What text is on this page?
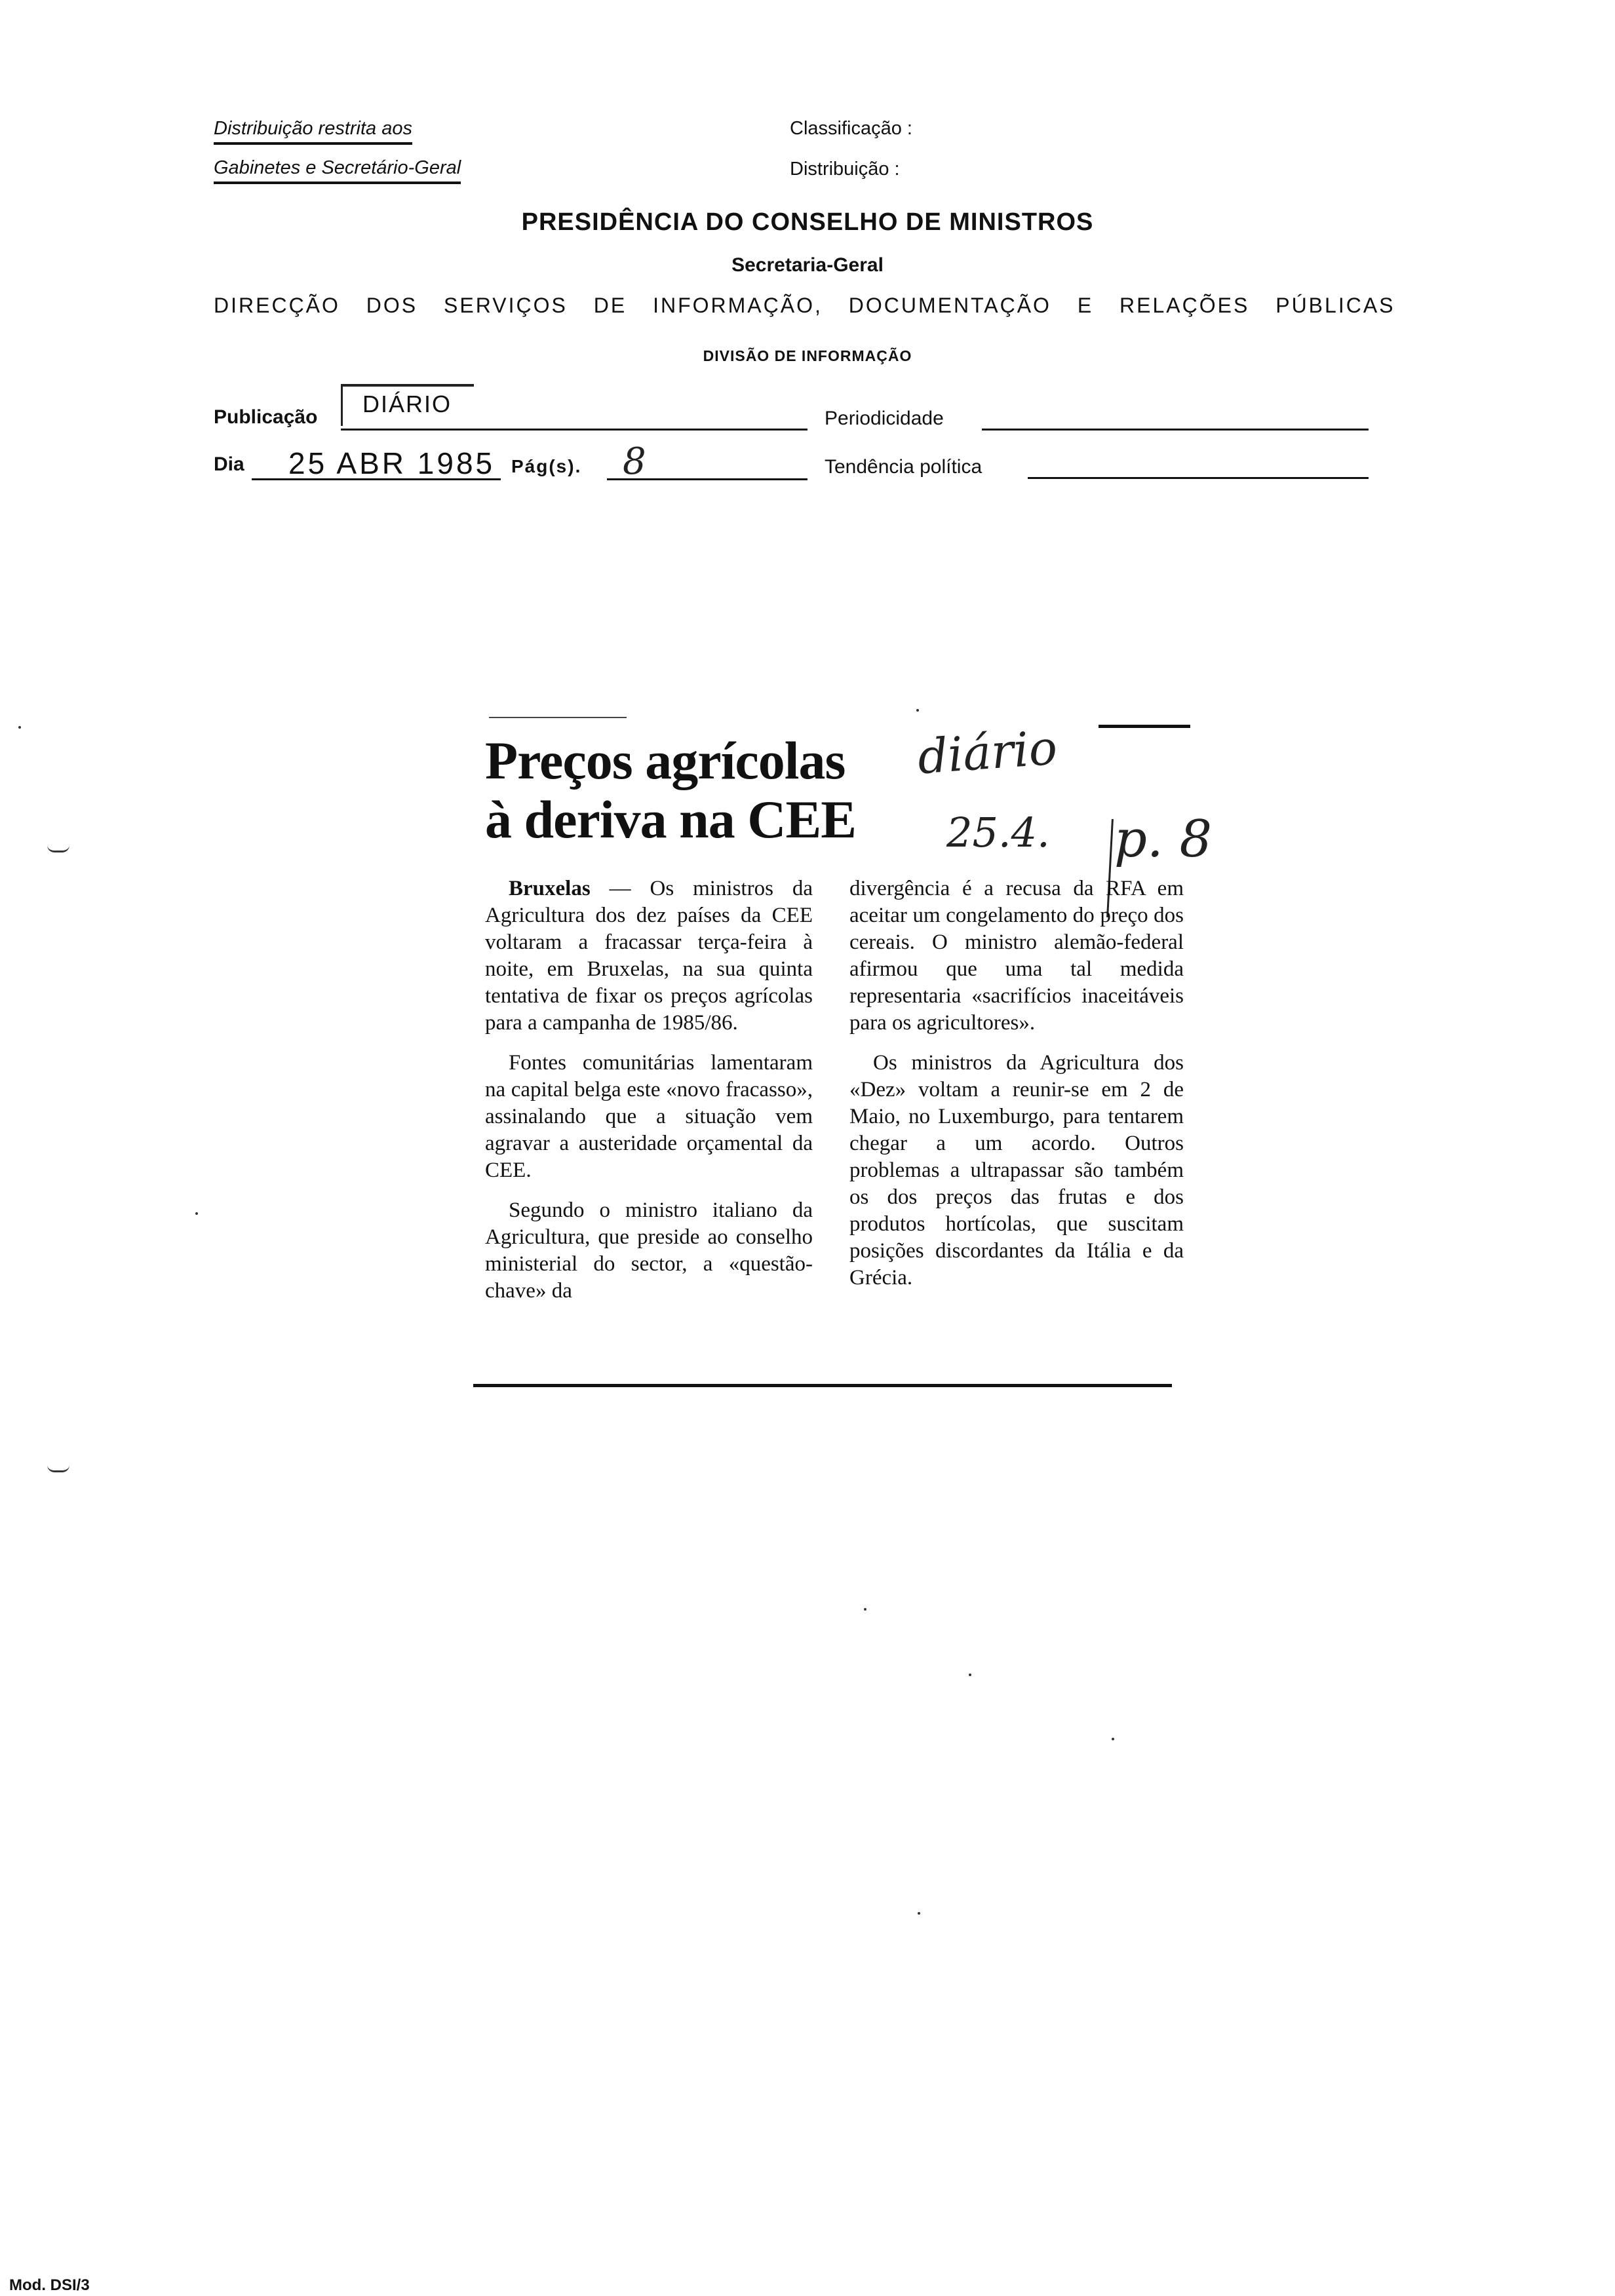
Distribuição restrita aos
Gabinetes e Secretário-Geral
Classificação :
Distribuição :
PRESIDÊNCIA DO CONSELHO DE MINISTROS
Secretaria-Geral
DIRECÇÃO DOS SERVIÇOS DE INFORMAÇÃO, DOCUMENTAÇÃO E RELAÇÕES PÚBLICAS
DIVISÃO DE INFORMAÇÃO
Publicação DIÁRIO
Periodicidade
Dia 25 ABR 1985 Pág(s). 8	Tendência política
Preços agrícolas
à deriva na CEE
diário
25.4. p. 8

Bruxelas — Os ministros da Agricultura dos dez países da CEE voltaram a fracassar terça-feira à noite, em Bruxelas, na sua quinta tentativa de fixar os preços agrícolas para a campanha de 1985/86.

Fontes comunitárias lamentaram na capital belga este «novo fracasso», assinalando que a situação vem agravar a austeridade orçamental da CEE.

Segundo o ministro italiano da Agricultura, que preside ao conselho ministerial do sector, a «questão-chave» da

divergência é a recusa da RFA em aceitar um congelamento do preço dos cereais. O ministro alemão-federal afirmou que uma tal medida representaria «sacrifícios inaceitáveis para os agricultores».

Os ministros da Agricultura dos «Dez» voltam a reunir-se em 2 de Maio, no Luxemburgo, para tentarem chegar a um acordo. Outros problemas a ultrapassar são também os dos preços das frutas e dos produtos hortícolas, que suscitam posições discordantes da Itália e da Grécia.

Mod. DSI/3
